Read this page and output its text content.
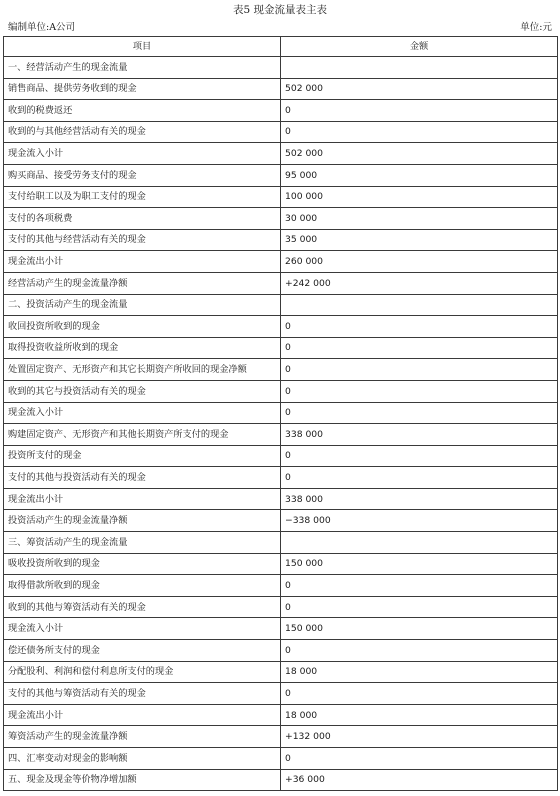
表5 现金流量表主表
编制单位:A公司	单位:元
项目	金额
一、经营活动产生的现金流量	
销售商品、提供劳务收到的现金	502 000
收到的税费返还	0
收到的与其他经营活动有关的现金	0
现金流入小计	502 000
购买商品、接受劳务支付的现金	95 000
支付给职工以及为职工支付的现金	100 000
支付的各项税费	30 000
支付的其他与经营活动有关的现金	35 000
现金流出小计	260 000
经营活动产生的现金流量净额	+242 000
二、投资活动产生的现金流量	
收回投资所收到的现金	0
取得投资收益所收到的现金	0
处置固定资产、无形资产和其它长期资产所收回的现金净额	0
收到的其它与投资活动有关的现金	0
现金流入小计	0
购建固定资产、无形资产和其他长期资产所支付的现金	338 000
投资所支付的现金	0
支付的其他与投资活动有关的现金	0
现金流出小计	338 000
投资活动产生的现金流量净额	−338 000
三、筹资活动产生的现金流量	
吸收投资所收到的现金	150 000
取得借款所收到的现金	0
收到的其他与筹资活动有关的现金	0
现金流入小计	150 000
偿还债务所支付的现金	0
分配股利、利润和偿付利息所支付的现金	18 000
支付的其他与筹资活动有关的现金	0
现金流出小计	18 000
筹资活动产生的现金流量净额	+132 000
四、汇率变动对现金的影响额	0
五、现金及现金等价物净增加额	+36 000
